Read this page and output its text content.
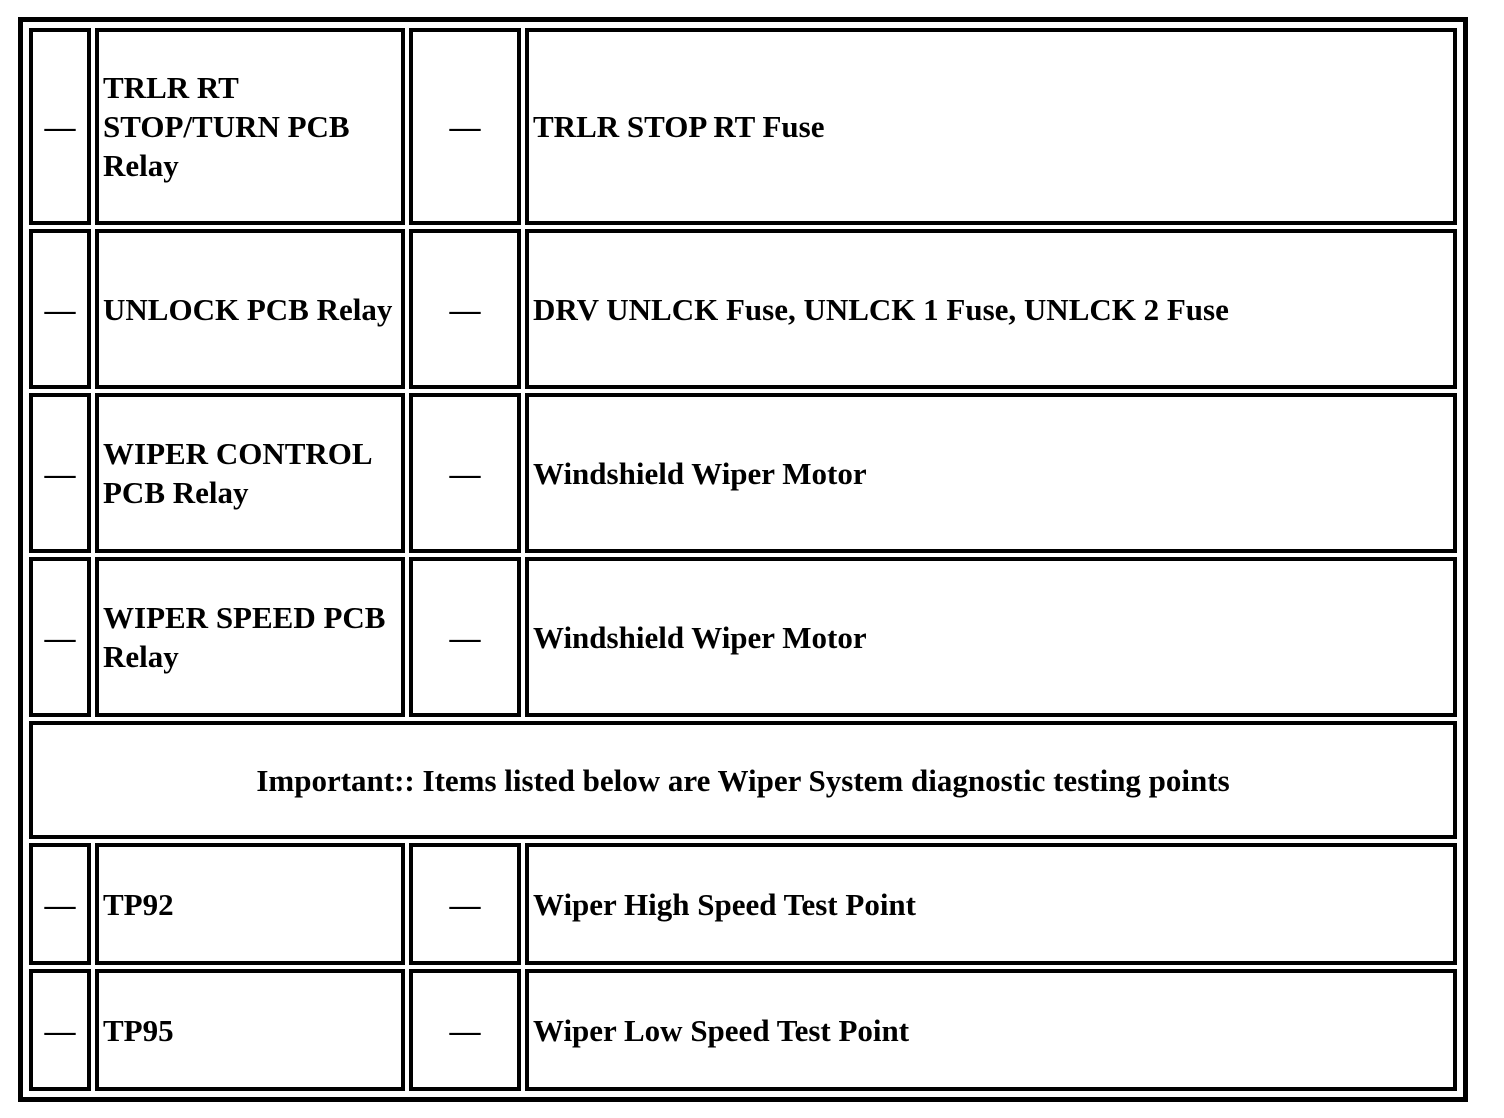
—	TRLR RT STOP/TURN PCB Relay	—	TRLR STOP RT Fuse
—	UNLOCK PCB Relay	—	DRV UNLCK Fuse, UNLCK 1 Fuse, UNLCK 2 Fuse
—	WIPER CONTROL PCB Relay	—	Windshield Wiper Motor
—	WIPER SPEED PCB Relay	—	Windshield Wiper Motor
Important:: Items listed below are Wiper System diagnostic testing points			
—	TP92	—	Wiper High Speed Test Point
—	TP95	—	Wiper Low Speed Test Point
